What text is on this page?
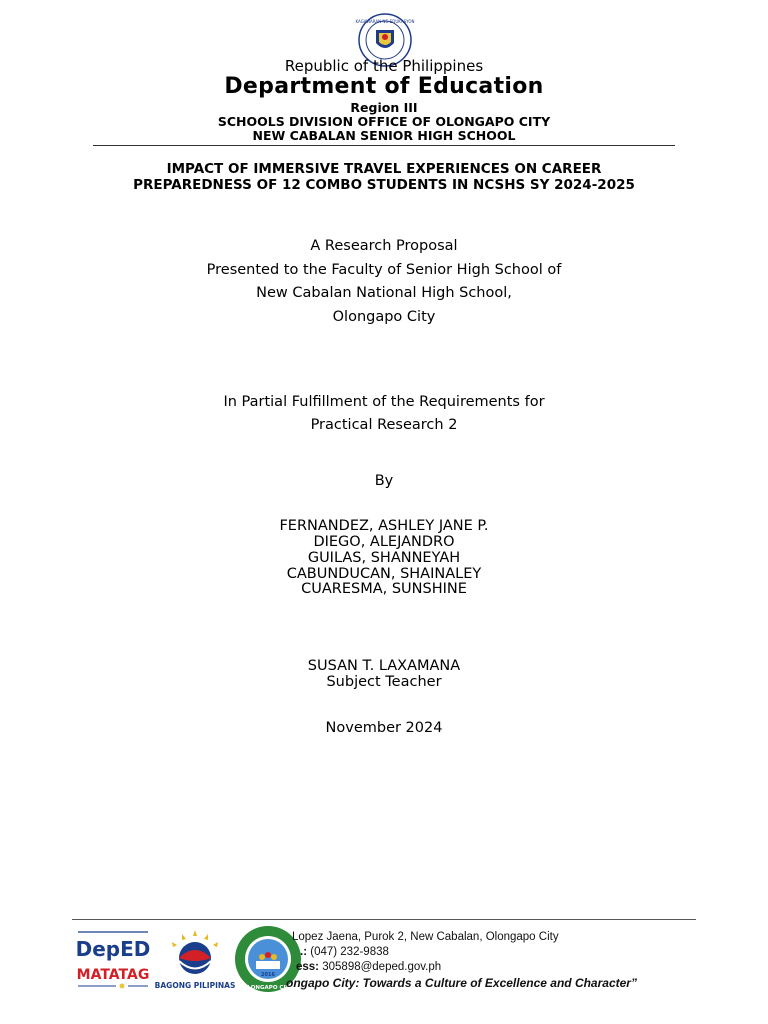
KAGAWARAN NG EDUKASYON
Republic of the Philippines
Department of Education
Region III
SCHOOLS DIVISION OFFICE OF OLONGAPO CITY
NEW CABALAN SENIOR HIGH SCHOOL
IMPACT OF IMMERSIVE TRAVEL EXPERIENCES ON CAREER
PREPAREDNESS OF 12 COMBO STUDENTS IN NCSHS SY 2024-2025
A Research Proposal
Presented to the Faculty of Senior High School of
New Cabalan National High School,
Olongapo City
In Partial Fulfillment of the Requirements for
Practical Research 2
By
FERNANDEZ, ASHLEY JANE P.
DIEGO, ALEJANDRO
GUILAS, SHANNEYAH
CABUNDUCAN, SHAINALEY
CUARESMA, SUNSHINE
SUSAN T. LAXAMANA
Subject Teacher
November 2024
DepED
MATATAG
BAGONG PILIPINAS
2016
OLONGAPO CITY
Lopez Jaena, Purok 2, New Cabalan, Olongapo City
.: (047) 232-9838
ess: 305898@deped.gov.ph
ongapo City: Towards a Culture of Excellence and Character”
